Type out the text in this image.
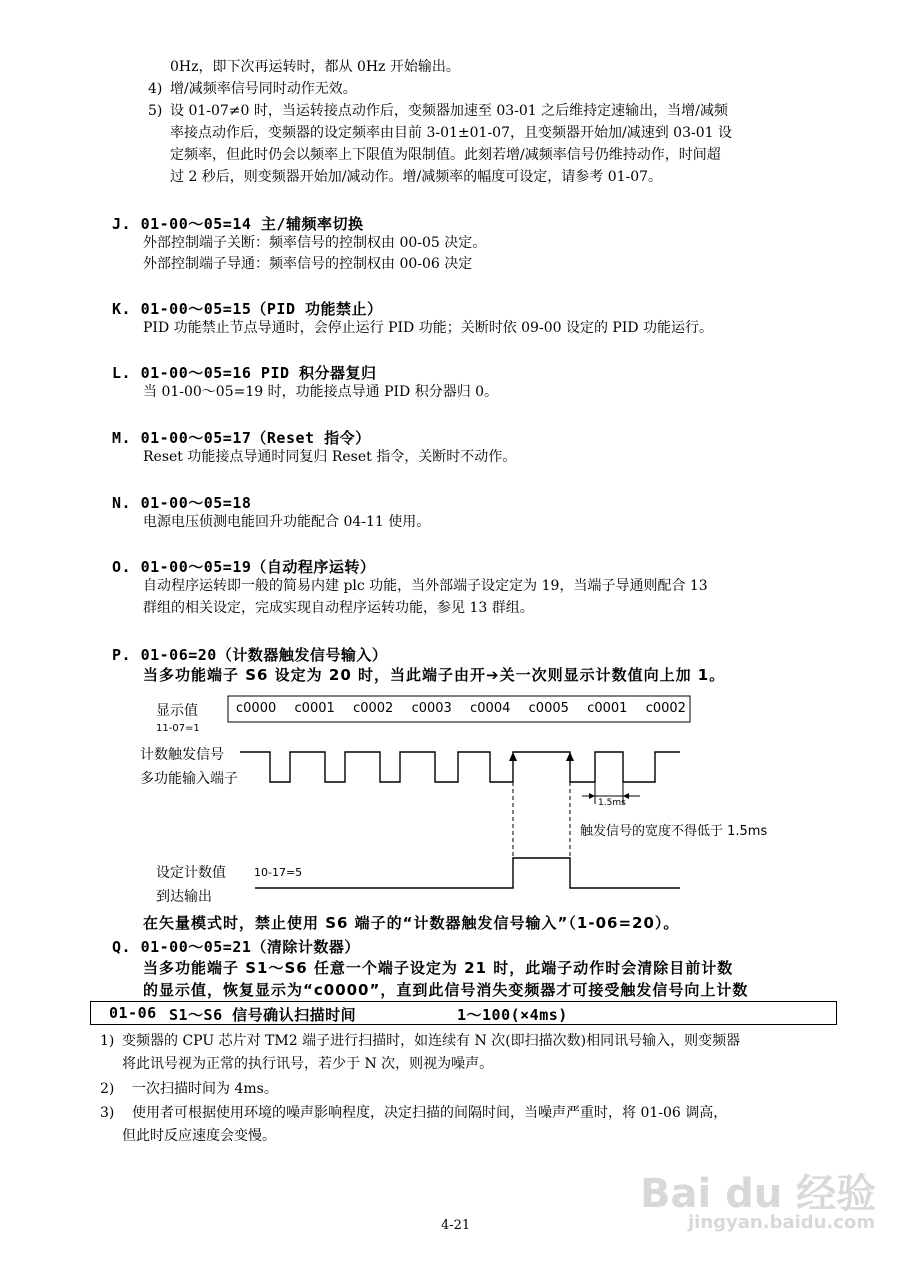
0Hz，即下次再运转时，都从 0Hz 开始输出。
4) 增/减频率信号同时动作无效。
5) 设 01-07≠0 时，当运转接点动作后，变频器加速至 03-01 之后维持定速输出，当增/减频
率接点动作后，变频器的设定频率由目前 3-01±01-07，且变频器开始加/减速到 03-01 设
定频率，但此时仍会以频率上下限值为限制值。此刻若增/减频率信号仍维持动作，时间超
过 2 秒后，则变频器开始加/减动作。增/减频率的幅度可设定，请参考 01-07。
J. 01-00～05=14 主/辅频率切换
外部控制端子关断：频率信号的控制权由 00-05 决定。
外部控制端子导通：频率信号的控制权由 00-06 决定
K. 01-00～05=15（PID 功能禁止）
PID 功能禁止节点导通时，会停止运行 PID 功能；关断时依 09-00 设定的 PID 功能运行。
L. 01-00～05=16 PID 积分器复归
当 01-00～05=19 时，功能接点导通 PID 积分器归 0。
M. 01-00～05=17（Reset 指令）
Reset 功能接点导通时同复归 Reset 指令，关断时不动作。
N. 01-00～05=18
电源电压侦测电能回升功能配合 04-11 使用。
O. 01-00～05=19（自动程序运转）
自动程序运转即一般的简易内建 plc 功能，当外部端子设定定为 19，当端子导通则配合 13
群组的相关设定，完成实现自动程序运转功能，参见 13 群组。
P. 01-06=20（计数器触发信号输入）
当多功能端子 S6 设定为 20 时，当此端子由开➔关一次则显示计数值向上加 1。
显示值
11-07=1
c0000 c0001 c0002 c0003 c0004 c0005 c0001 c0002
计数触发信号
多功能输入端子
1.5ms
触发信号的宽度不得低于 1.5ms
设定计数值	10-17=5
到达输出
在矢量模式时，禁止使用 S6 端子的“计数器触发信号输入”（1-06=20）。
Q. 01-00～05=21（清除计数器）
当多功能端子 S1～S6 任意一个端子设定为 21 时，此端子动作时会清除目前计数
的显示值，恢复显示为“c0000”，直到此信号消失变频器才可接受触发信号向上计数
01-06 S1～S6 信号确认扫描时间	1～100(×4ms)
1) 变频器的 CPU 芯片对 TM2 端子进行扫描时，如连续有 N 次(即扫描次数)相同讯号输入，则变频器
将此讯号视为正常的执行讯号，若少于 N 次，则视为噪声。
2) 一次扫描时间为 4ms。
3) 使用者可根据使用环境的噪声影响程度，决定扫描的间隔时间，当噪声严重时，将 01-06 调高，
但此时反应速度会变慢。
Bai du 经验
jingyan.baidu.com
4-21
